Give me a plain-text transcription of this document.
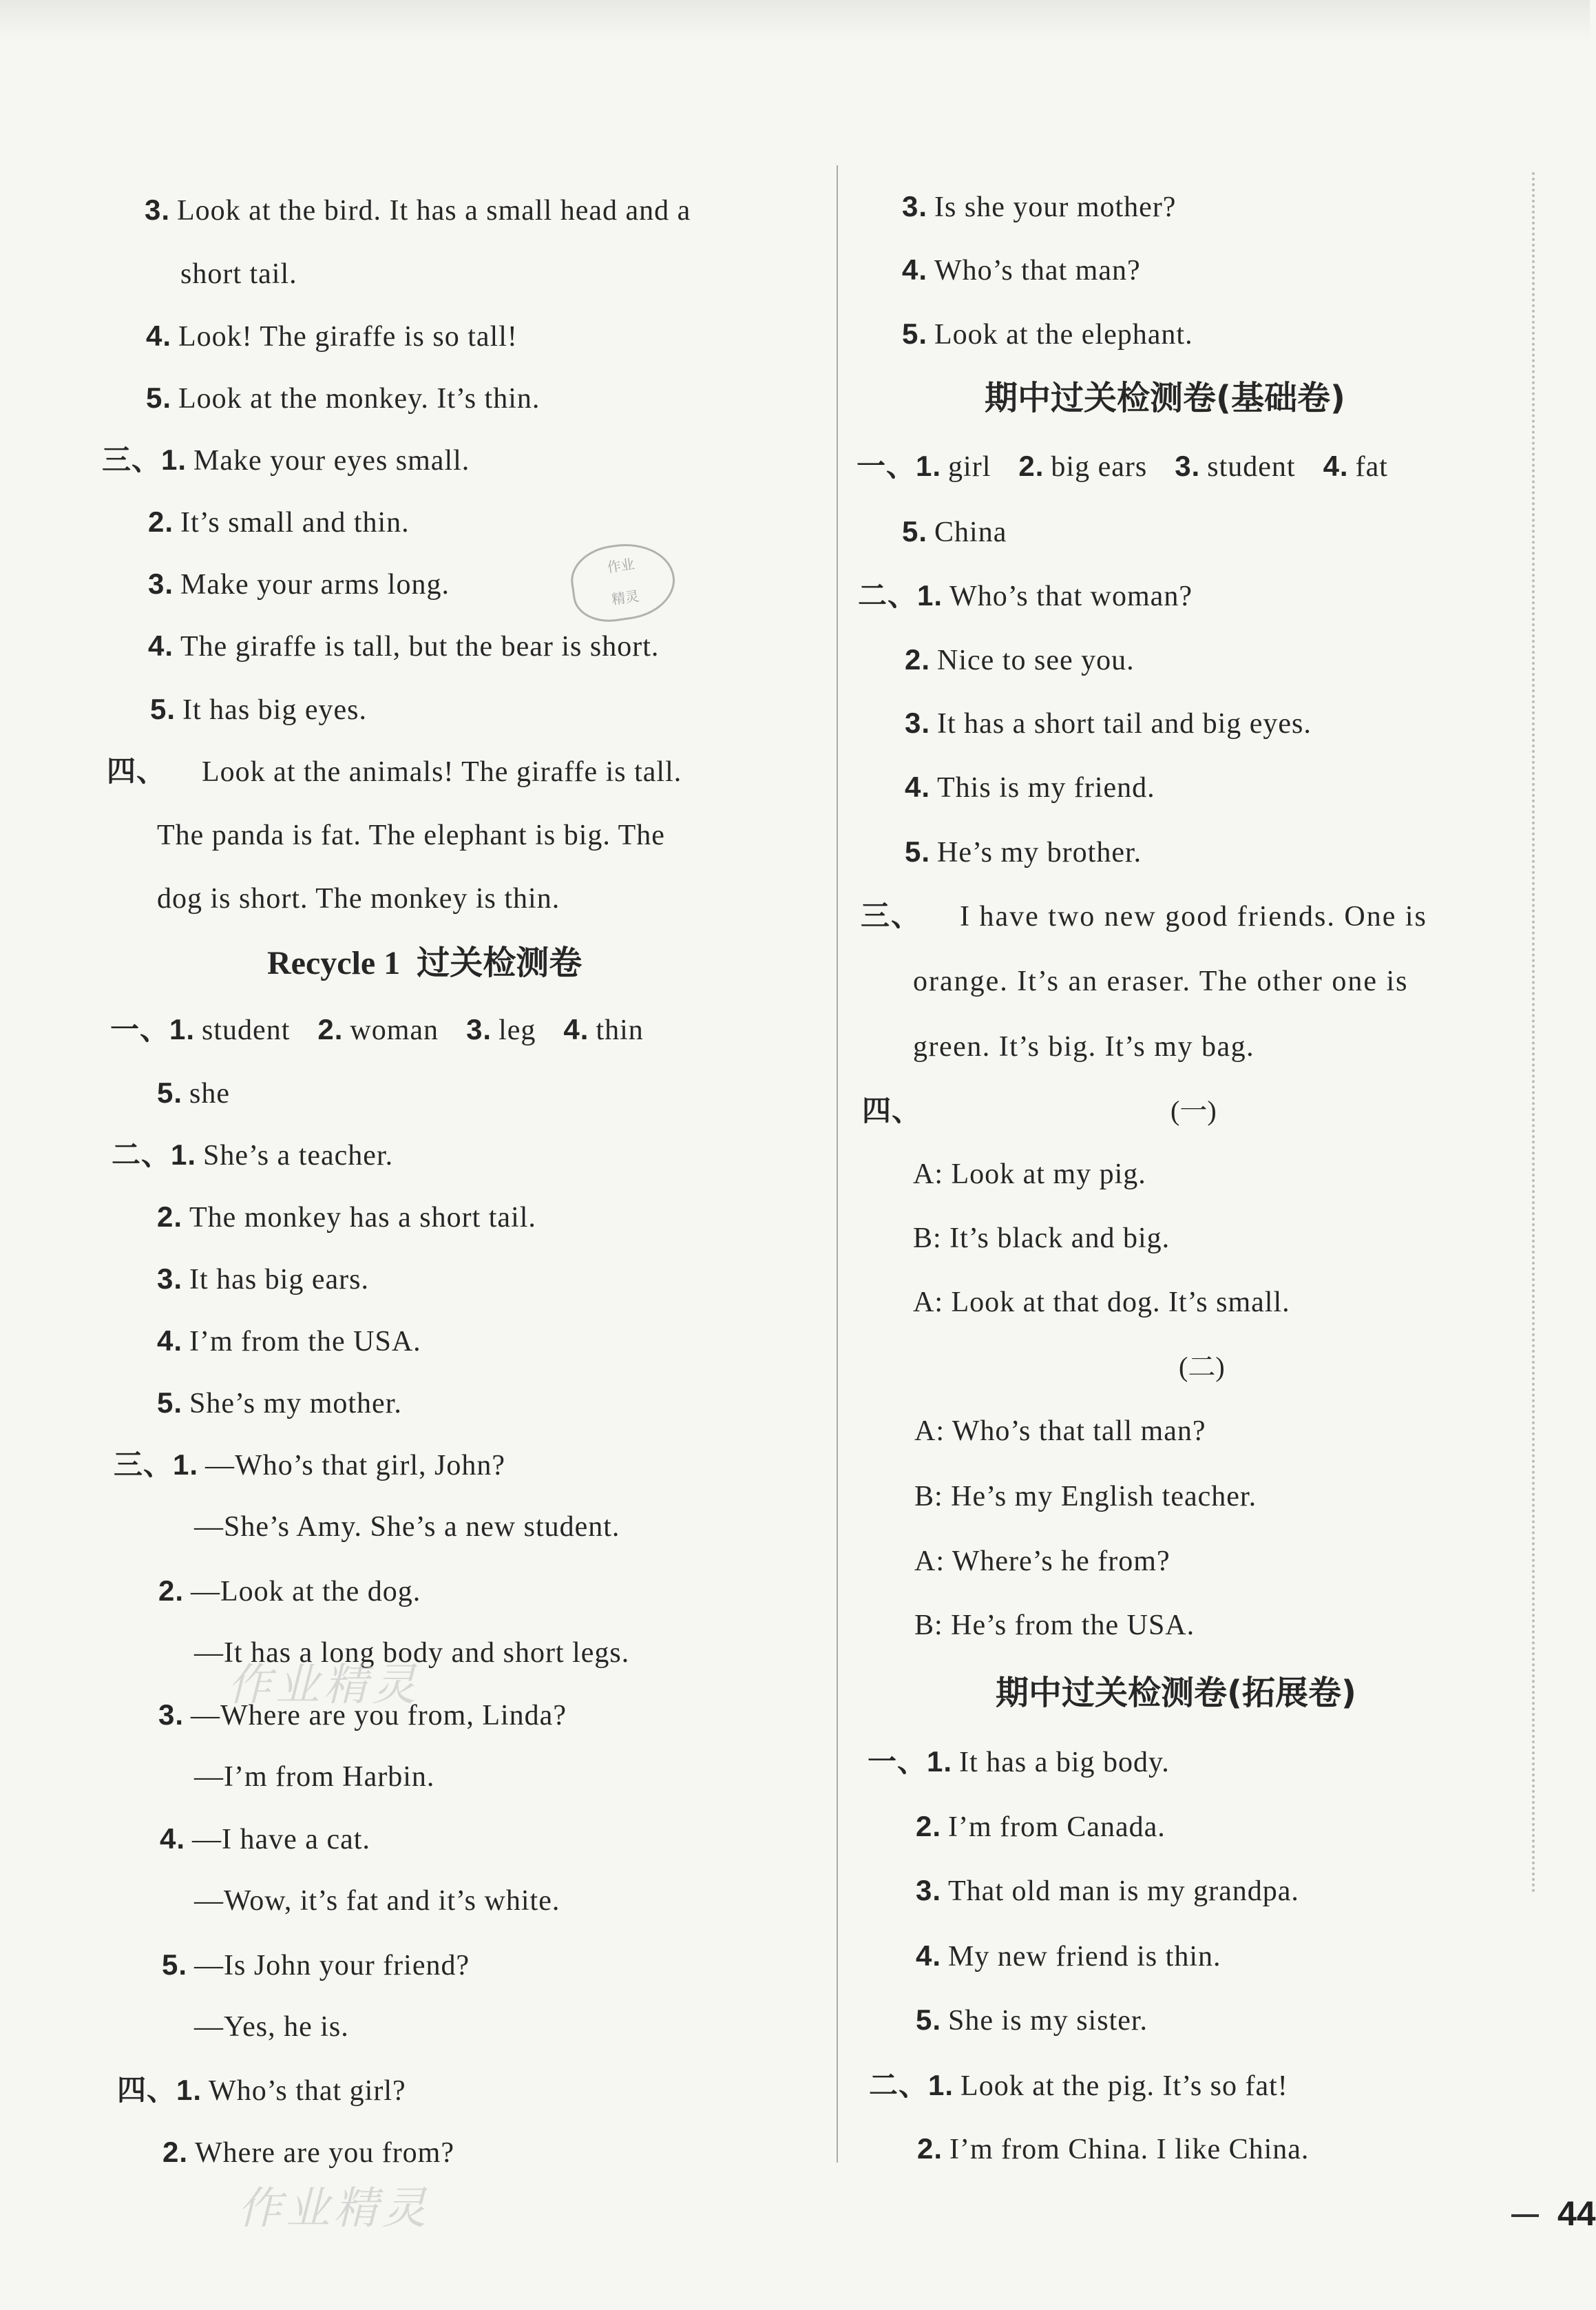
3. Look at the bird. It has a small head and a
short tail.
4. Look! The giraffe is so tall!
5. Look at the monkey. It’s thin.
三、1. Make your eyes small.
2. It’s small and thin.
3. Make your arms long.
4. The giraffe is tall, but the bear is short.
5. It has big eyes.
四、 Look at the animals! The giraffe is tall.
The panda is fat. The elephant is big. The
dog is short. The monkey is thin.
Recycle 1 过关检测卷
一、1. student 2. woman 3. leg 4. thin
5. she
二、1. She’s a teacher.
2. The monkey has a short tail.
3. It has big ears.
4. I’m from the USA.
5. She’s my mother.
三、1. —Who’s that girl, John?
—She’s Amy. She’s a new student.
2. —Look at the dog.
—It has a long body and short legs.
3. —Where are you from, Linda?
—I’m from Harbin.
4. —I have a cat.
—Wow, it’s fat and it’s white.
5. —Is John your friend?
—Yes, he is.
四、1. Who’s that girl?
2. Where are you from?
3. Is she your mother?
4. Who’s that man?
5. Look at the elephant.
期中过关检测卷(基础卷)
一、1. girl 2. big ears 3. student 4. fat
5. China
二、1. Who’s that woman?
2. Nice to see you.
3. It has a short tail and big eyes.
4. This is my friend.
5. He’s my brother.
三、 I have two new good friends. One is
orange. It’s an eraser. The other one is
green. It’s big. It’s my bag.
四、	(一)
A: Look at my pig.
B: It’s black and big.
A: Look at that dog. It’s small.
(二)
A: Who’s that tall man?
B: He’s my English teacher.
A: Where’s he from?
B: He’s from the USA.
期中过关检测卷(拓展卷)
一、1. It has a big body.
2. I’m from Canada.
3. That old man is my grandpa.
4. My new friend is thin.
5. She is my sister.
二、1. Look at the pig. It’s so fat!
2. I’m from China. I like China.
作业
精灵
作业精灵
作业精灵	44
